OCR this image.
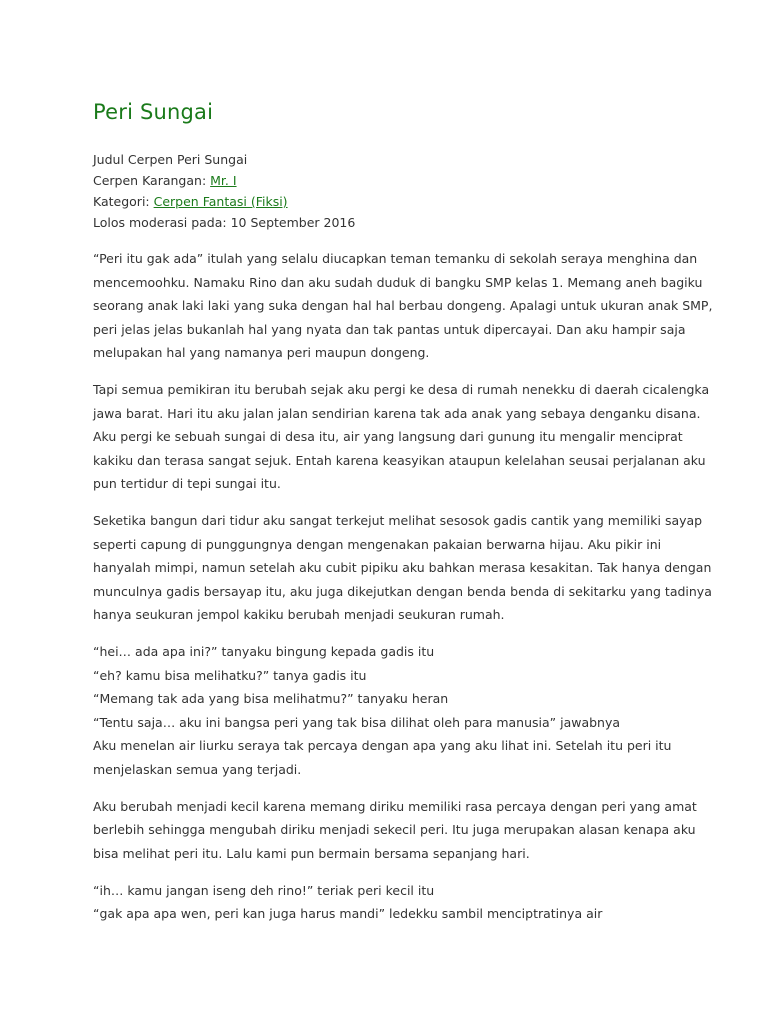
Peri Sungai
Judul Cerpen Peri Sungai
Cerpen Karangan: Mr. I
Kategori: Cerpen Fantasi (Fiksi)
Lolos moderasi pada: 10 September 2016

“Peri itu gak ada” itulah yang selalu diucapkan teman temanku di sekolah seraya menghina dan
mencemoohku. Namaku Rino dan aku sudah duduk di bangku SMP kelas 1. Memang aneh bagiku
seorang anak laki laki yang suka dengan hal hal berbau dongeng. Apalagi untuk ukuran anak SMP,
peri jelas jelas bukanlah hal yang nyata dan tak pantas untuk dipercayai. Dan aku hampir saja
melupakan hal yang namanya peri maupun dongeng.

Tapi semua pemikiran itu berubah sejak aku pergi ke desa di rumah nenekku di daerah cicalengka
jawa barat. Hari itu aku jalan jalan sendirian karena tak ada anak yang sebaya denganku disana.
Aku pergi ke sebuah sungai di desa itu, air yang langsung dari gunung itu mengalir menciprat
kakiku dan terasa sangat sejuk. Entah karena keasyikan ataupun kelelahan seusai perjalanan aku
pun tertidur di tepi sungai itu.

Seketika bangun dari tidur aku sangat terkejut melihat sesosok gadis cantik yang memiliki sayap
seperti capung di punggungnya dengan mengenakan pakaian berwarna hijau. Aku pikir ini
hanyalah mimpi, namun setelah aku cubit pipiku aku bahkan merasa kesakitan. Tak hanya dengan
munculnya gadis bersayap itu, aku juga dikejutkan dengan benda benda di sekitarku yang tadinya
hanya seukuran jempol kakiku berubah menjadi seukuran rumah.

“hei… ada apa ini?” tanyaku bingung kepada gadis itu
“eh? kamu bisa melihatku?” tanya gadis itu
“Memang tak ada yang bisa melihatmu?” tanyaku heran
“Tentu saja… aku ini bangsa peri yang tak bisa dilihat oleh para manusia” jawabnya
Aku menelan air liurku seraya tak percaya dengan apa yang aku lihat ini. Setelah itu peri itu
menjelaskan semua yang terjadi.

Aku berubah menjadi kecil karena memang diriku memiliki rasa percaya dengan peri yang amat
berlebih sehingga mengubah diriku menjadi sekecil peri. Itu juga merupakan alasan kenapa aku
bisa melihat peri itu. Lalu kami pun bermain bersama sepanjang hari.

“ih… kamu jangan iseng deh rino!” teriak peri kecil itu
“gak apa apa wen, peri kan juga harus mandi” ledekku sambil menciptratinya air
